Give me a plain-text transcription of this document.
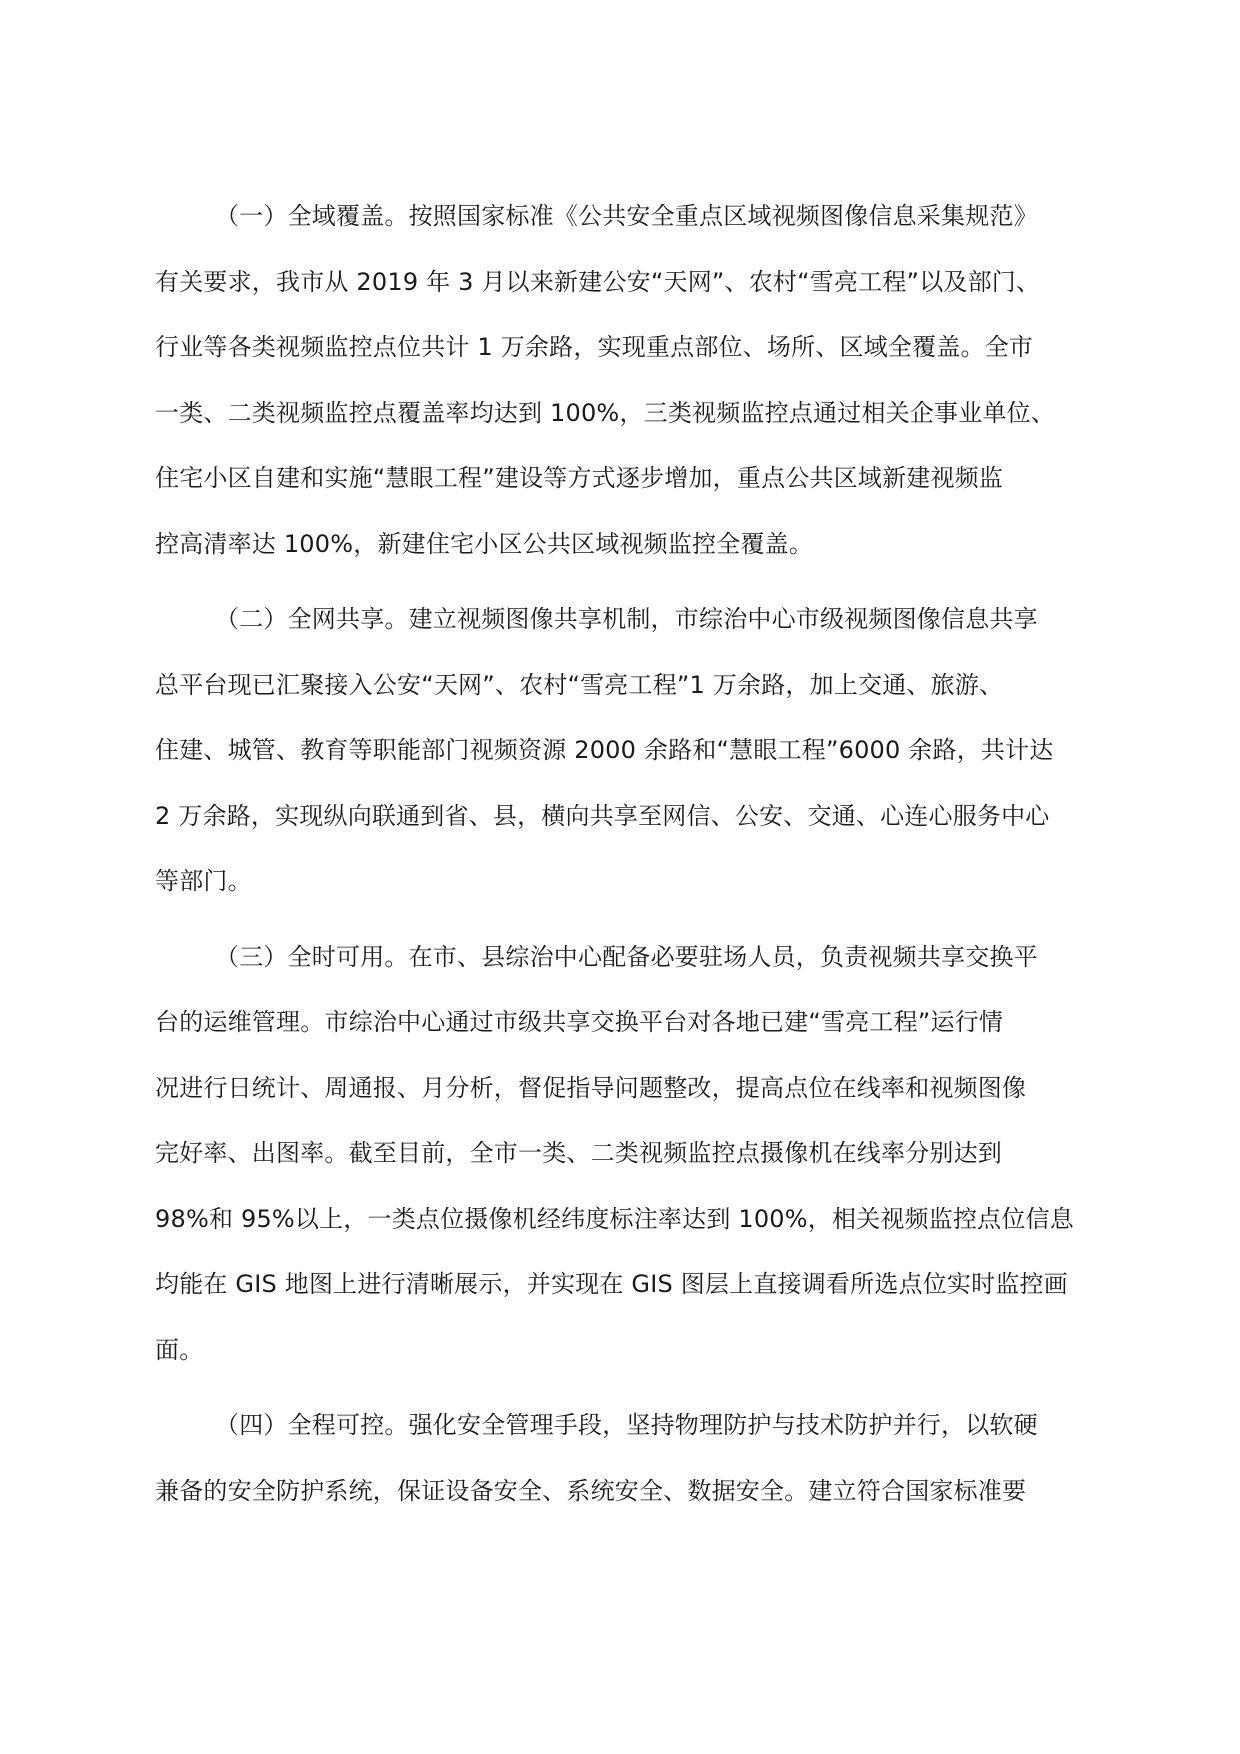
（一）全域覆盖。按照国家标准《公共安全重点区域视频图像信息采集规范》
有关要求，我市从 2019 年 3 月以来新建公安“天网”、农村“雪亮工程”以及部门、
行业等各类视频监控点位共计 1 万余路，实现重点部位、场所、区域全覆盖。全市
一类、二类视频监控点覆盖率均达到 100%，三类视频监控点通过相关企事业单位、
住宅小区自建和实施“慧眼工程”建设等方式逐步增加，重点公共区域新建视频监
控高清率达 100%，新建住宅小区公共区域视频监控全覆盖。
（二）全网共享。建立视频图像共享机制，市综治中心市级视频图像信息共享
总平台现已汇聚接入公安“天网”、农村“雪亮工程”1 万余路，加上交通、旅游、
住建、城管、教育等职能部门视频资源 2000 余路和“慧眼工程”6000 余路，共计达
2 万余路，实现纵向联通到省、县，横向共享至网信、公安、交通、心连心服务中心
等部门。
（三）全时可用。在市、县综治中心配备必要驻场人员，负责视频共享交换平
台的运维管理。市综治中心通过市级共享交换平台对各地已建“雪亮工程”运行情
况进行日统计、周通报、月分析，督促指导问题整改，提高点位在线率和视频图像
完好率、出图率。截至目前，全市一类、二类视频监控点摄像机在线率分别达到
98%和 95%以上，一类点位摄像机经纬度标注率达到 100%，相关视频监控点位信息
均能在 GIS 地图上进行清晰展示，并实现在 GIS 图层上直接调看所选点位实时监控画
面。
（四）全程可控。强化安全管理手段，坚持物理防护与技术防护并行，以软硬
兼备的安全防护系统，保证设备安全、系统安全、数据安全。建立符合国家标准要
